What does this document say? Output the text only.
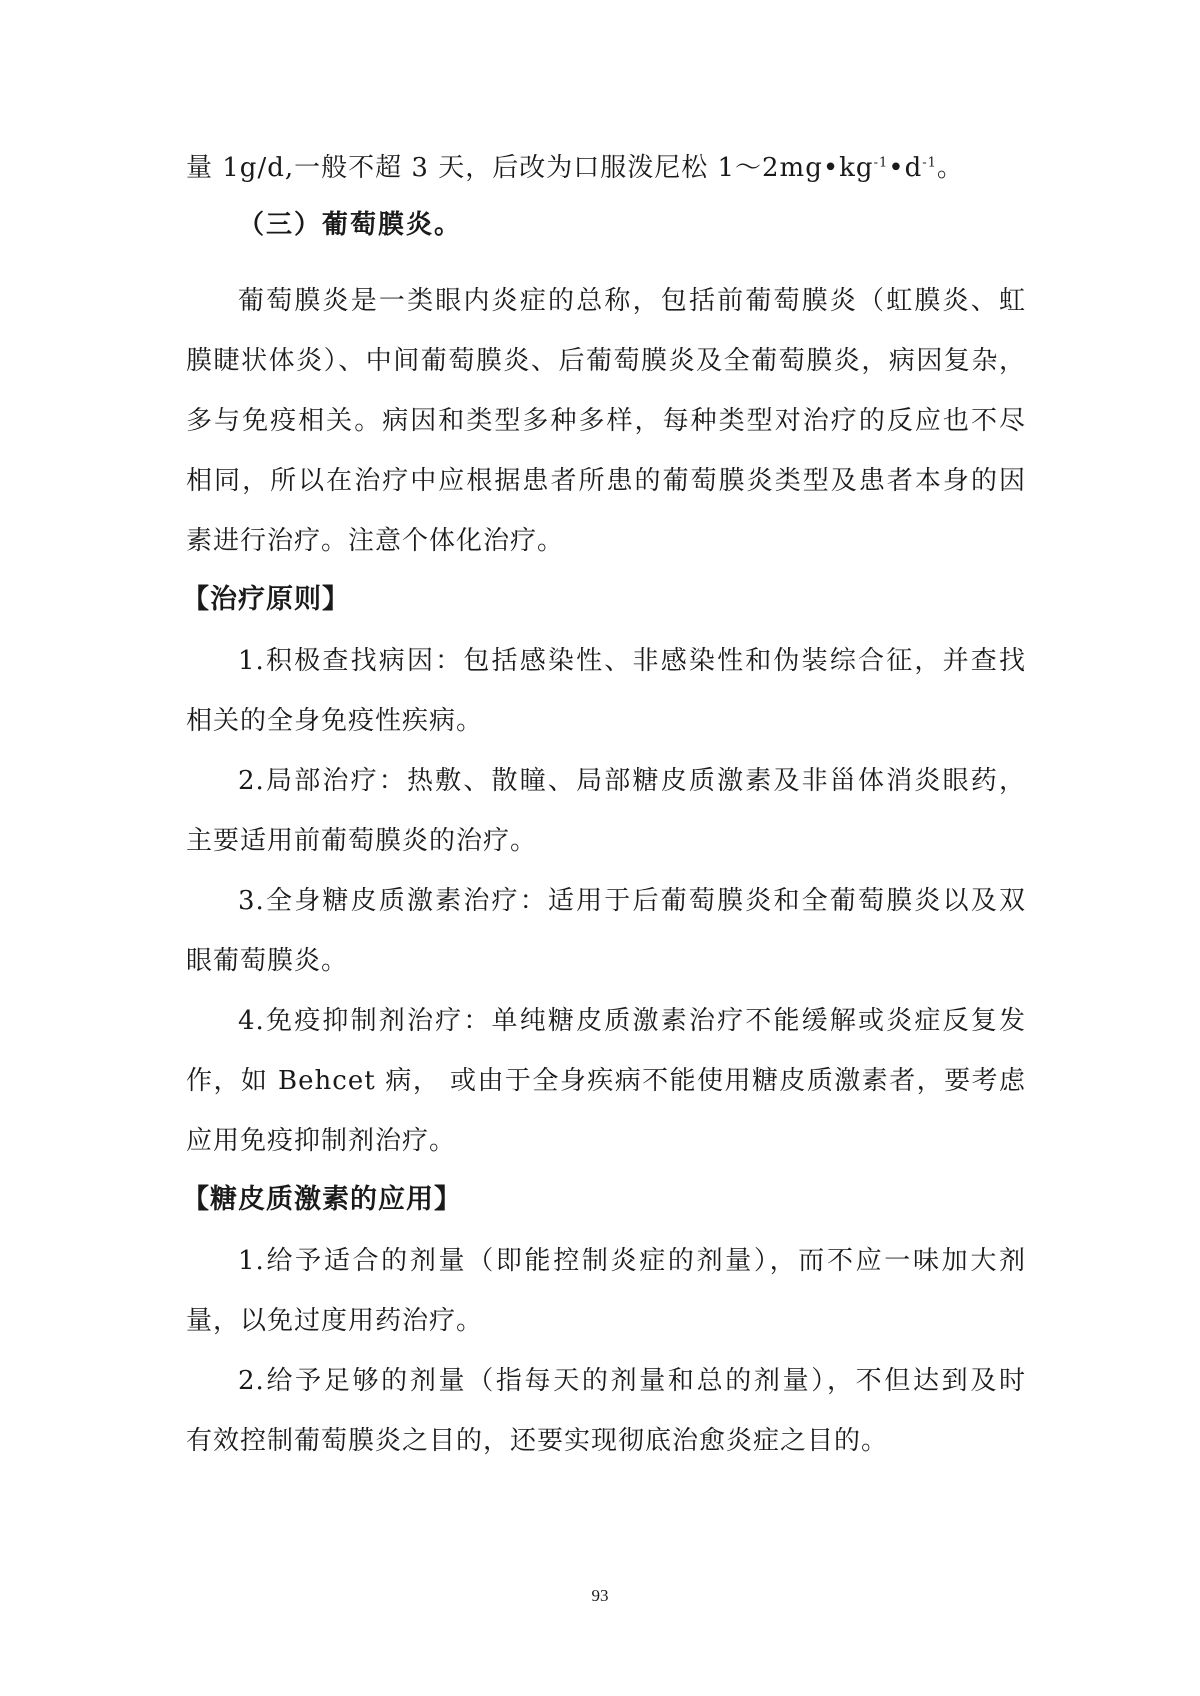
量 1g/d,一般不超 3 天，后改为口服泼尼松 $1\sim 2mg•kg^{-1}•d^{-1}$。
（三）葡萄膜炎。
葡萄膜炎是一类眼内炎症的总称，包括前葡萄膜炎（虹膜炎、虹
膜睫状体炎）、中间葡萄膜炎、后葡萄膜炎及全葡萄膜炎，病因复杂，
多与免疫相关。病因和类型多种多样，每种类型对治疗的反应也不尽
相同，所以在治疗中应根据患者所患的葡萄膜炎类型及患者本身的因
素进行治疗。注意个体化治疗。
【治疗原则】
1.积极查找病因：包括感染性、非感染性和伪装综合征，并查找
相关的全身免疫性疾病。
2.局部治疗：热敷、散瞳、局部糖皮质激素及非甾体消炎眼药，
主要适用前葡萄膜炎的治疗。
3.全身糖皮质激素治疗：适用于后葡萄膜炎和全葡萄膜炎以及双
眼葡萄膜炎。
4.免疫抑制剂治疗：单纯糖皮质激素治疗不能缓解或炎症反复发
作，如 Behcet 病， 或由于全身疾病不能使用糖皮质激素者，要考虑
应用免疫抑制剂治疗。
【糖皮质激素的应用】
1.给予适合的剂量（即能控制炎症的剂量），而不应一味加大剂
量，以免过度用药治疗。
2.给予足够的剂量（指每天的剂量和总的剂量），不但达到及时
有效控制葡萄膜炎之目的，还要实现彻底治愈炎症之目的。
93
